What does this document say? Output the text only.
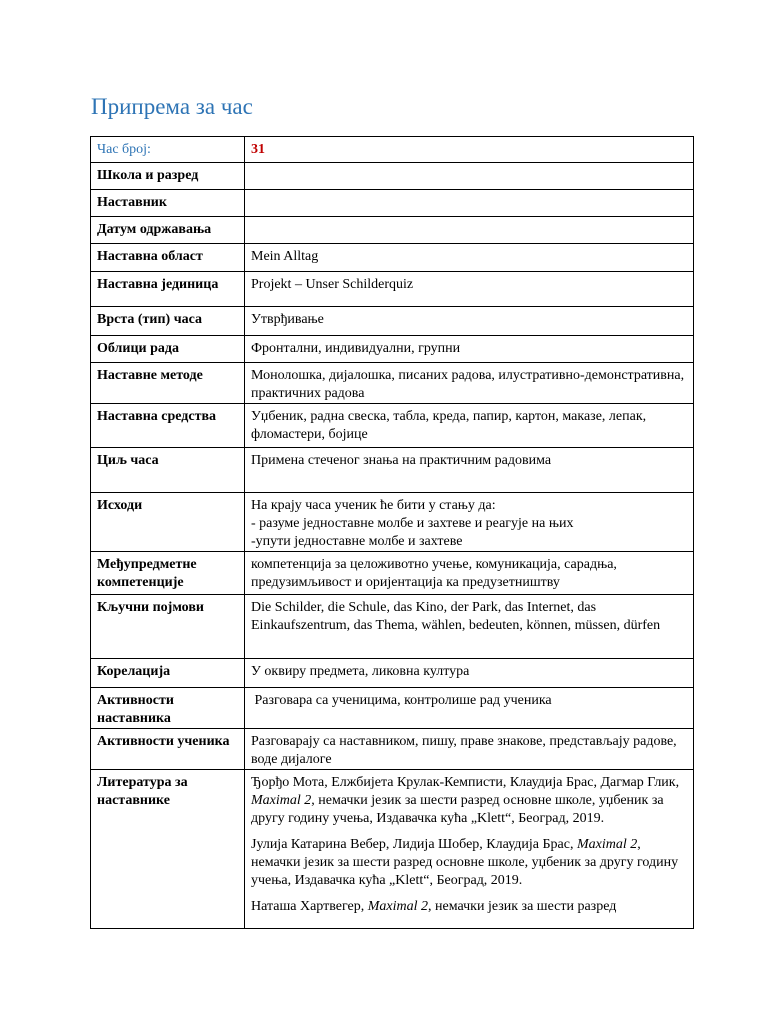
Припрема за час
Час број:	31

Школа и разред	

Наставник	

Датум одржавања	

Наставна област	Mein Alltag

Наставна јединица	Projekt – Unser Schilderquiz

Врста (тип) часа	Утврђивање

Облици рада	Фронтални, индивидуални, групни

Наставне методе	Монолошка, дијалошка, писаних радова, илустративно-демонстративна, практичних радова

Наставна средства	Уџбеник, радна свеска, табла, креда, папир, картон, маказе, лепак, фломастери, бојице

Циљ часа	Примена стеченог знања на практичним радовима

Исходи	На крају часа ученик ће бити у стању да:
- разуме једноставне молбе и захтеве и реагује на њих
-упути једноставне молбе и захтеве

Међупредметне компетенције	компетенција за целоживотно учење, комуникација, сарадња, предузимљивост и оријентација ка предузетништву

Кључни појмови	Die Schilder, die Schule, das Kino, der Park, das Internet, das Einkaufszentrum, das Thema, wählen, bedeuten, können, müssen, dürfen

Корелација	У оквиру предмета, ликовна култура

Активности наставника	Разговара са ученицима, контролише рад ученика

Активности ученика	Разговарају са наставником, пишу, праве знакове, представљају радове, воде дијалоге

Литература за наставнике	Ђорђо Мота, Елжбијета Крулак-Кемписти, Клаудија Брас, Дагмар Глик, Maximal 2, немачки језик за шести разред основне школе, уџбеник за другу годину учења, Издавачка кућа „Klett“, Београд, 2019.
Јулија Катарина Вебер, Лидија Шобер, Клаудија Брас, Maximal 2, немачки језик за шести разред основне школе, уџбеник за другу годину учења, Издавачка кућа „Klett“, Београд, 2019.
Наташа Хартвегер, Maximal 2, немачки језик за шести разред
